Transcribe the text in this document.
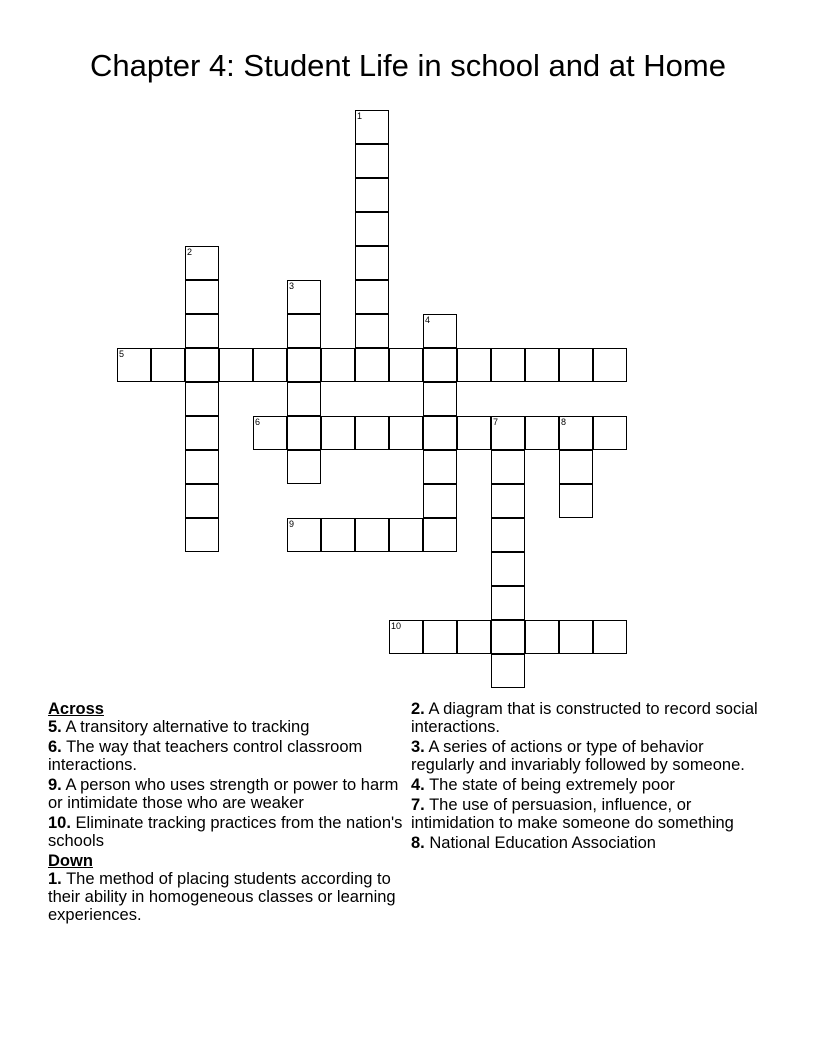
Chapter 4: Student Life in school and at Home
1
2
3
4
5
6	7	8
9
10
Across
5. A transitory alternative to tracking
6. The way that teachers control classroom interactions.
9. A person who uses strength or power to harm or intimidate those who are weaker
10. Eliminate tracking practices from the nation's schools
Down
1. The method of placing students according to their ability in homogeneous classes or learning experiences.
2. A diagram that is constructed to record social interactions.
3. A series of actions or type of behavior regularly and invariably followed by someone.
4. The state of being extremely poor
7. The use of persuasion, influence, or intimidation to make someone do something
8. National Education Association
